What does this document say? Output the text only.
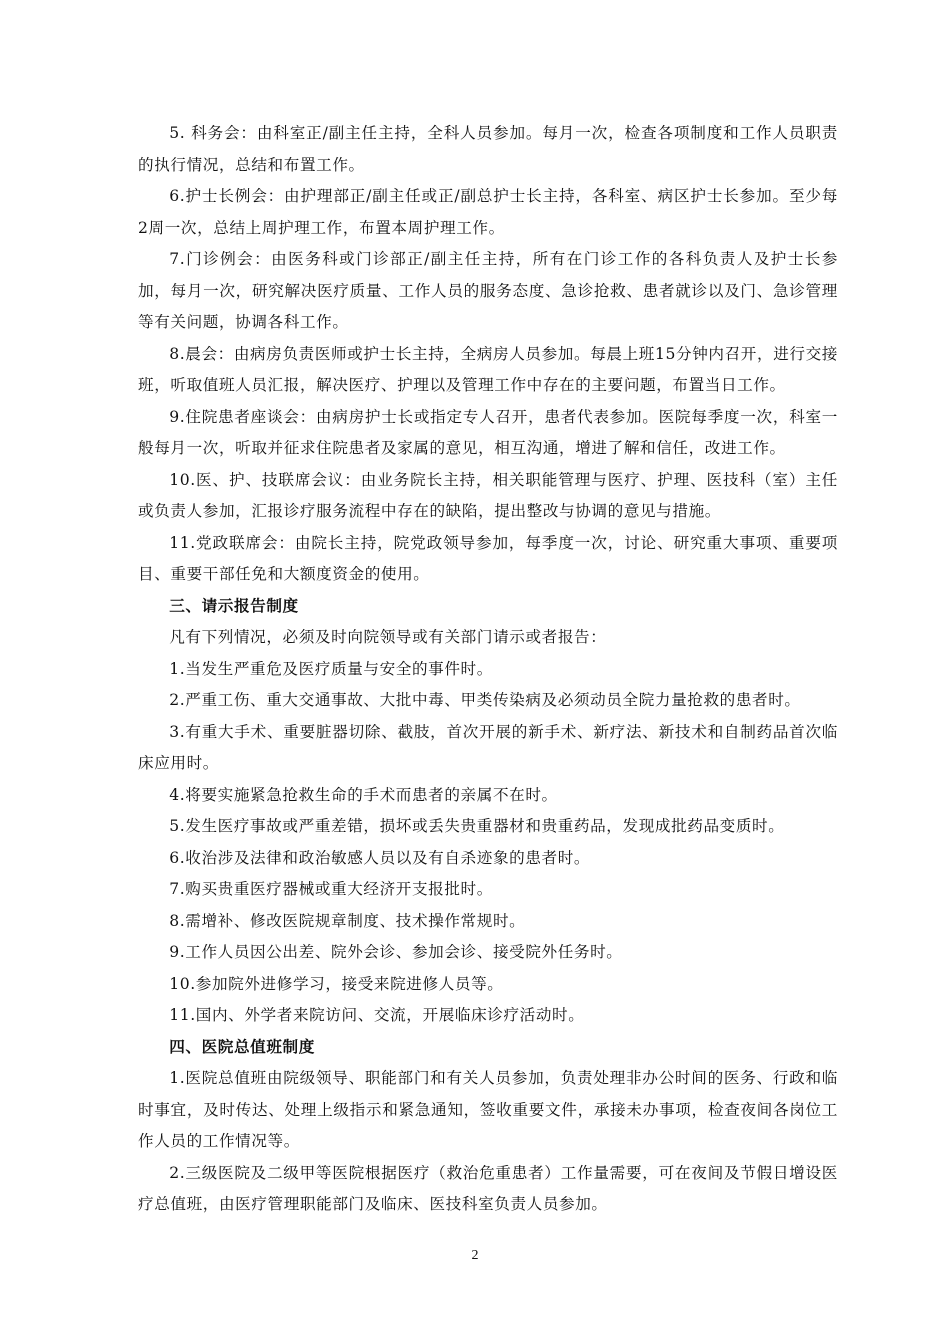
5. 科务会：由科室正/副主任主持，全科人员参加。每月一次，检查各项制度和工作人员职责的执行情况，总结和布置工作。

6.护士长例会：由护理部正/副主任或正/副总护士长主持，各科室、病区护士长参加。至少每2周一次，总结上周护理工作，布置本周护理工作。

7.门诊例会：由医务科或门诊部正/副主任主持，所有在门诊工作的各科负责人及护士长参加，每月一次，研究解决医疗质量、工作人员的服务态度、急诊抢救、患者就诊以及门、急诊管理等有关问题，协调各科工作。

8.晨会：由病房负责医师或护士长主持，全病房人员参加。每晨上班15分钟内召开，进行交接班，听取值班人员汇报，解决医疗、护理以及管理工作中存在的主要问题，布置当日工作。

9.住院患者座谈会：由病房护士长或指定专人召开，患者代表参加。医院每季度一次，科室一般每月一次，听取并征求住院患者及家属的意见，相互沟通，增进了解和信任，改进工作。

10.医、护、技联席会议：由业务院长主持，相关职能管理与医疗、护理、医技科（室）主任或负责人参加，汇报诊疗服务流程中存在的缺陷，提出整改与协调的意见与措施。

11.党政联席会：由院长主持，院党政领导参加，每季度一次，讨论、研究重大事项、重要项目、重要干部任免和大额度资金的使用。

三、请示报告制度

凡有下列情况，必须及时向院领导或有关部门请示或者报告：

1.当发生严重危及医疗质量与安全的事件时。

2.严重工伤、重大交通事故、大批中毒、甲类传染病及必须动员全院力量抢救的患者时。

3.有重大手术、重要脏器切除、截肢，首次开展的新手术、新疗法、新技术和自制药品首次临床应用时。

4.将要实施紧急抢救生命的手术而患者的亲属不在时。

5.发生医疗事故或严重差错，损坏或丢失贵重器材和贵重药品，发现成批药品变质时。

6.收治涉及法律和政治敏感人员以及有自杀迹象的患者时。

7.购买贵重医疗器械或重大经济开支报批时。

8.需增补、修改医院规章制度、技术操作常规时。

9.工作人员因公出差、院外会诊、参加会诊、接受院外任务时。

10.参加院外进修学习，接受来院进修人员等。

11.国内、外学者来院访问、交流，开展临床诊疗活动时。

四、医院总值班制度

1.医院总值班由院级领导、职能部门和有关人员参加，负责处理非办公时间的医务、行政和临时事宜，及时传达、处理上级指示和紧急通知，签收重要文件，承接未办事项，检查夜间各岗位工作人员的工作情况等。

2.三级医院及二级甲等医院根据医疗（救治危重患者）工作量需要，可在夜间及节假日增设医疗总值班，由医疗管理职能部门及临床、医技科室负责人员参加。

2
